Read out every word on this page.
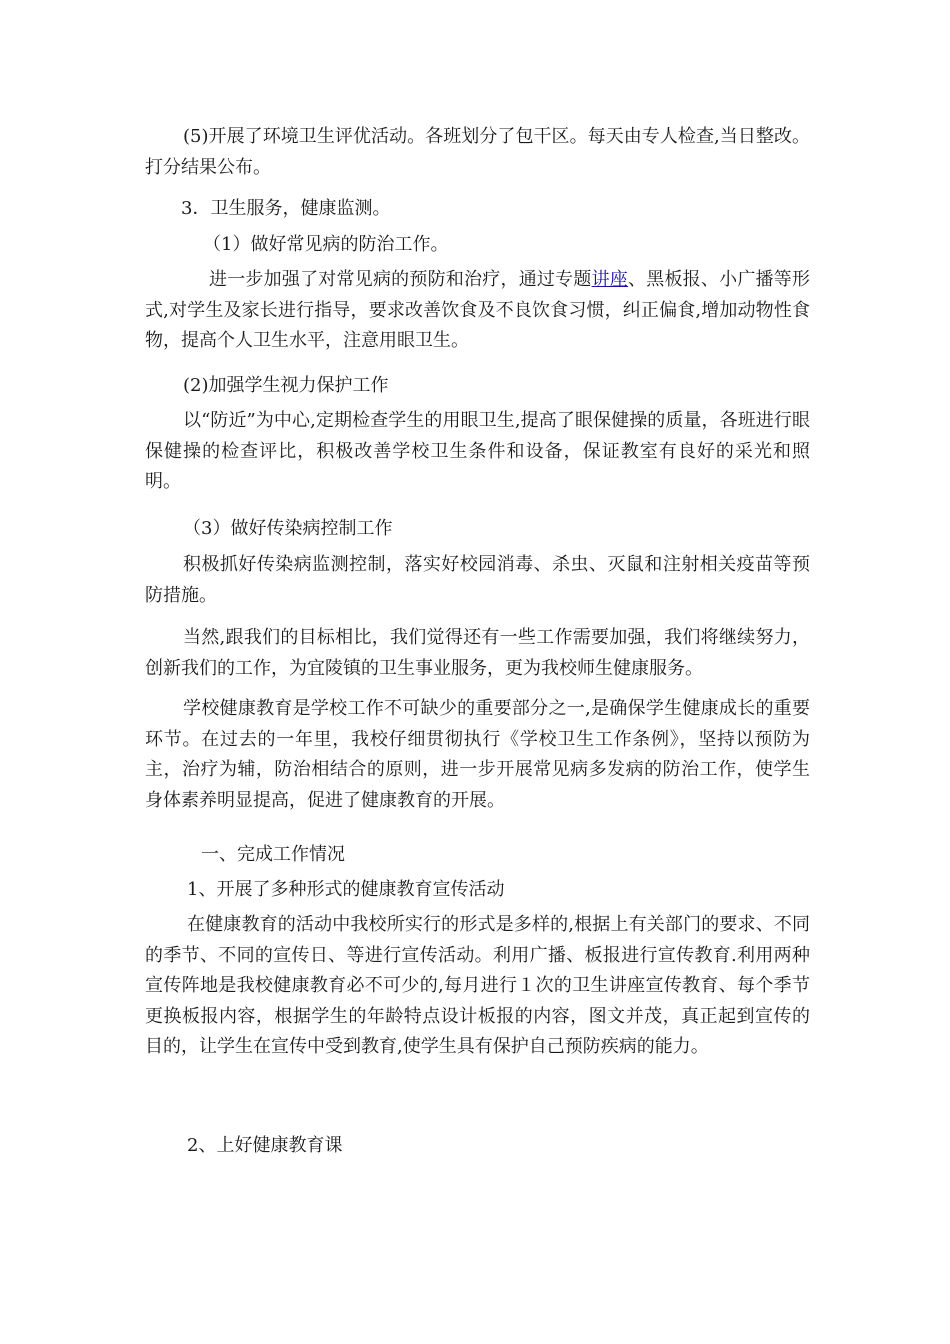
(5)开展了环境卫生评优活动。各班划分了包干区。每天由专人检查,当日整改。打分结果公布。

3．卫生服务，健康监测。

（1）做好常见病的防治工作。

进一步加强了对常见病的预防和治疗，通过专题讲座、黑板报、小广播等形式,对学生及家长进行指导，要求改善饮食及不良饮食习惯，纠正偏食,增加动物性食物，提高个人卫生水平，注意用眼卫生。

(2)加强学生视力保护工作

以“防近”为中心,定期检查学生的用眼卫生,提高了眼保健操的质量，各班进行眼保健操的检查评比，积极改善学校卫生条件和设备，保证教室有良好的采光和照明。

（3）做好传染病控制工作

积极抓好传染病监测控制，落实好校园消毒、杀虫、灭鼠和注射相关疫苗等预防措施。

当然,跟我们的目标相比，我们觉得还有一些工作需要加强，我们将继续努力，创新我们的工作，为宜陵镇的卫生事业服务，更为我校师生健康服务。

学校健康教育是学校工作不可缺少的重要部分之一,是确保学生健康成长的重要环节。在过去的一年里，我校仔细贯彻执行《学校卫生工作条例》，坚持以预防为主，治疗为辅，防治相结合的原则，进一步开展常见病多发病的防治工作，使学生身体素养明显提高，促进了健康教育的开展。

一、完成工作情况

1、开展了多种形式的健康教育宣传活动

在健康教育的活动中我校所实行的形式是多样的,根据上有关部门的要求、不同的季节、不同的宣传日、等进行宣传活动。利用广播、板报进行宣传教育.利用两种宣传阵地是我校健康教育必不可少的,每月进行１次的卫生讲座宣传教育、每个季节更换板报内容，根据学生的年龄特点设计板报的内容，图文并茂，真正起到宣传的目的，让学生在宣传中受到教育,使学生具有保护自己预防疾病的能力。

2、上好健康教育课
